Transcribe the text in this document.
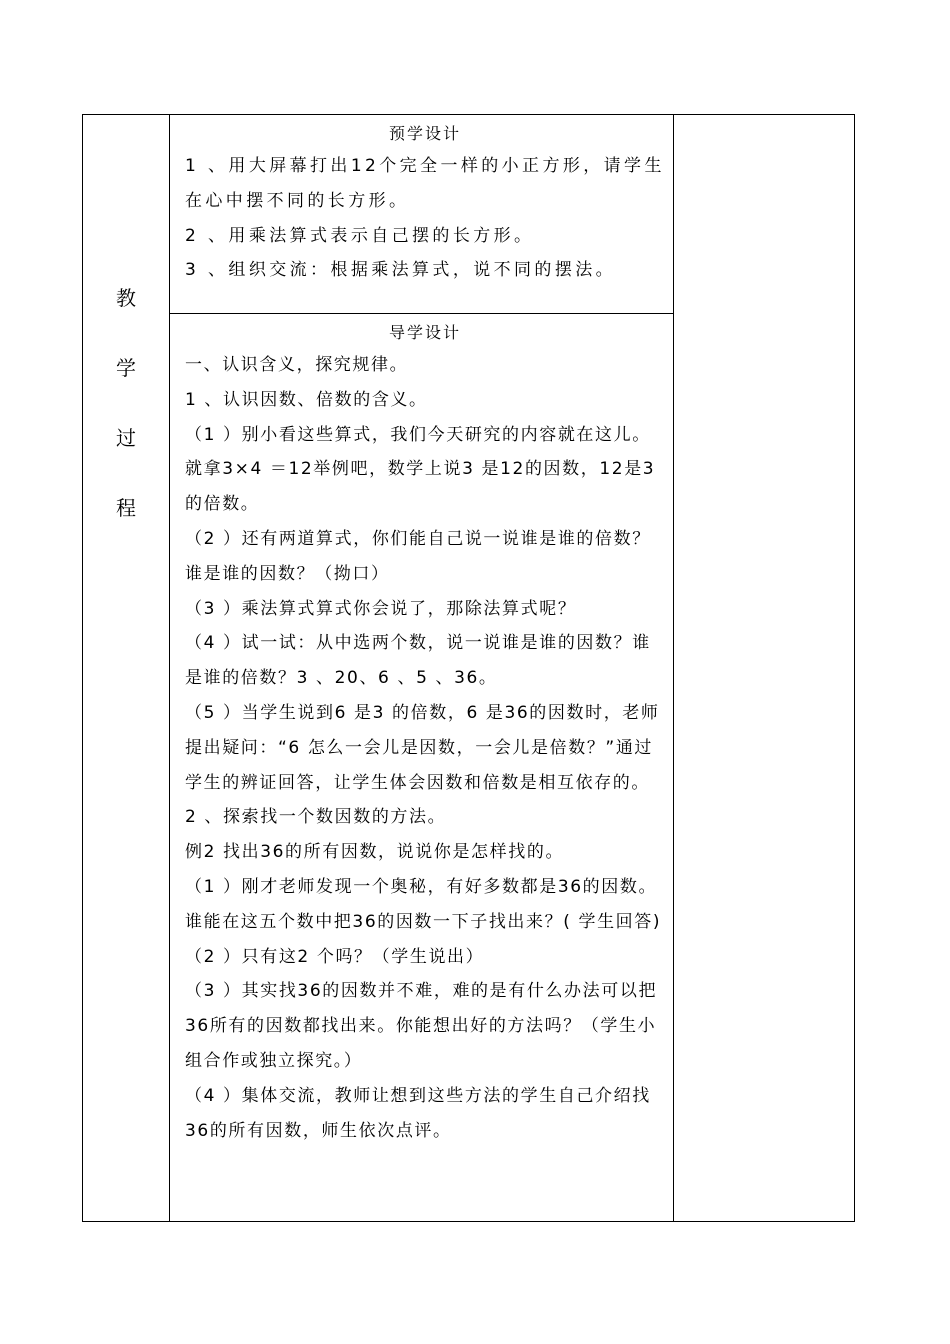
教
学
过
程
预学设计

1 、用大屏幕打出12个完全一样的小正方形，请学生在心中摆不同的长方形。

2 、用乘法算式表示自己摆的长方形。

3 、组织交流：根据乘法算式，说不同的摆法。

导学设计

一、认识含义，探究规律。

1 、认识因数、倍数的含义。

（1 ）别小看这些算式，我们今天研究的内容就在这儿。就拿3×4 ＝12举例吧，数学上说3 是12的因数，12是3 的倍数。

（2 ）还有两道算式，你们能自己说一说谁是谁的倍数？谁是谁的因数？（拗口）

（3 ）乘法算式算式你会说了，那除法算式呢？

（4 ）试一试：从中选两个数，说一说谁是谁的因数？谁是谁的倍数？3 、20、6 、5 、36。

（5 ）当学生说到6 是3 的倍数，6 是36的因数时，老师提出疑问：“6 怎么一会儿是因数，一会儿是倍数？”通过学生的辨证回答，让学生体会因数和倍数是相互依存的。

2 、探索找一个数因数的方法。

例2 找出36的所有因数，说说你是怎样找的。

（1 ）刚才老师发现一个奥秘，有好多数都是36的因数。谁能在这五个数中把36的因数一下子找出来？( 学生回答)

（2 ）只有这2 个吗？（学生说出）

（3 ）其实找36的因数并不难，难的是有什么办法可以把36所有的因数都找出来。你能想出好的方法吗？（学生小组合作或独立探究。）

（4 ）集体交流，教师让想到这些方法的学生自己介绍找36的所有因数，师生依次点评。
